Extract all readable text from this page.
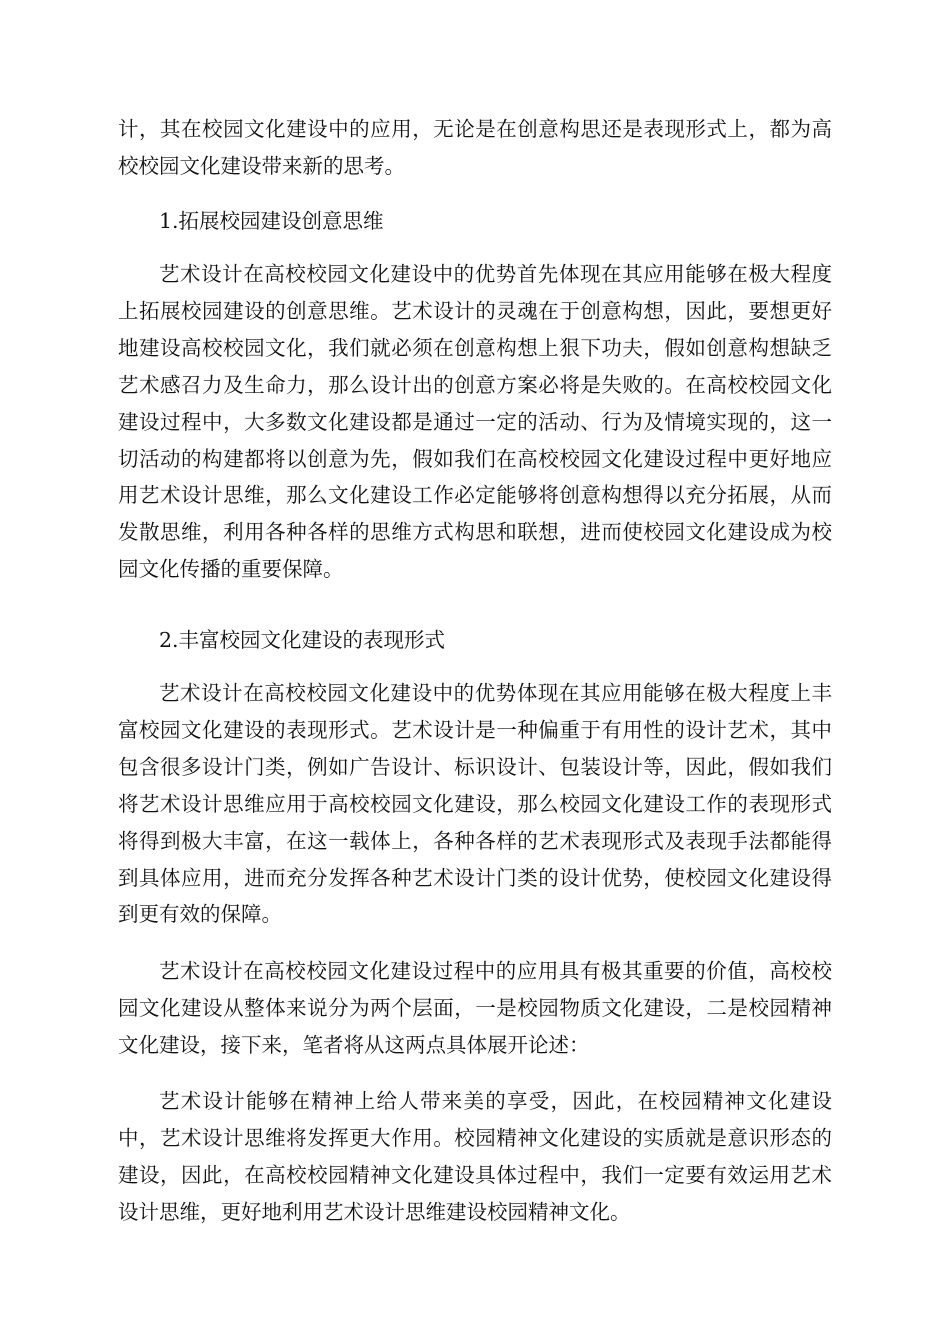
计，其在校园文化建设中的应用，无论是在创意构思还是表现形式上，都为高校校园文化建设带来新的思考。

1.拓展校园建设创意思维

艺术设计在高校校园文化建设中的优势首先体现在其应用能够在极大程度上拓展校园建设的创意思维。艺术设计的灵魂在于创意构想，因此，要想更好地建设高校校园文化，我们就必须在创意构想上狠下功夫，假如创意构想缺乏艺术感召力及生命力，那么设计出的创意方案必将是失败的。在高校校园文化建设过程中，大多数文化建设都是通过一定的活动、行为及情境实现的，这一切活动的构建都将以创意为先，假如我们在高校校园文化建设过程中更好地应用艺术设计思维，那么文化建设工作必定能够将创意构想得以充分拓展，从而发散思维，利用各种各样的思维方式构思和联想，进而使校园文化建设成为校园文化传播的重要保障。

2.丰富校园文化建设的表现形式

艺术设计在高校校园文化建设中的优势体现在其应用能够在极大程度上丰富校园文化建设的表现形式。艺术设计是一种偏重于有用性的设计艺术，其中包含很多设计门类，例如广告设计、标识设计、包装设计等，因此，假如我们将艺术设计思维应用于高校校园文化建设，那么校园文化建设工作的表现形式将得到极大丰富，在这一载体上，各种各样的艺术表现形式及表现手法都能得到具体应用，进而充分发挥各种艺术设计门类的设计优势，使校园文化建设得到更有效的保障。

艺术设计在高校校园文化建设过程中的应用具有极其重要的价值，高校校园文化建设从整体来说分为两个层面，一是校园物质文化建设，二是校园精神文化建设，接下来，笔者将从这两点具体展开论述：

艺术设计能够在精神上给人带来美的享受，因此，在校园精神文化建设中，艺术设计思维将发挥更大作用。校园精神文化建设的实质就是意识形态的建设，因此，在高校校园精神文化建设具体过程中，我们一定要有效运用艺术设计思维，更好地利用艺术设计思维建设校园精神文化。
